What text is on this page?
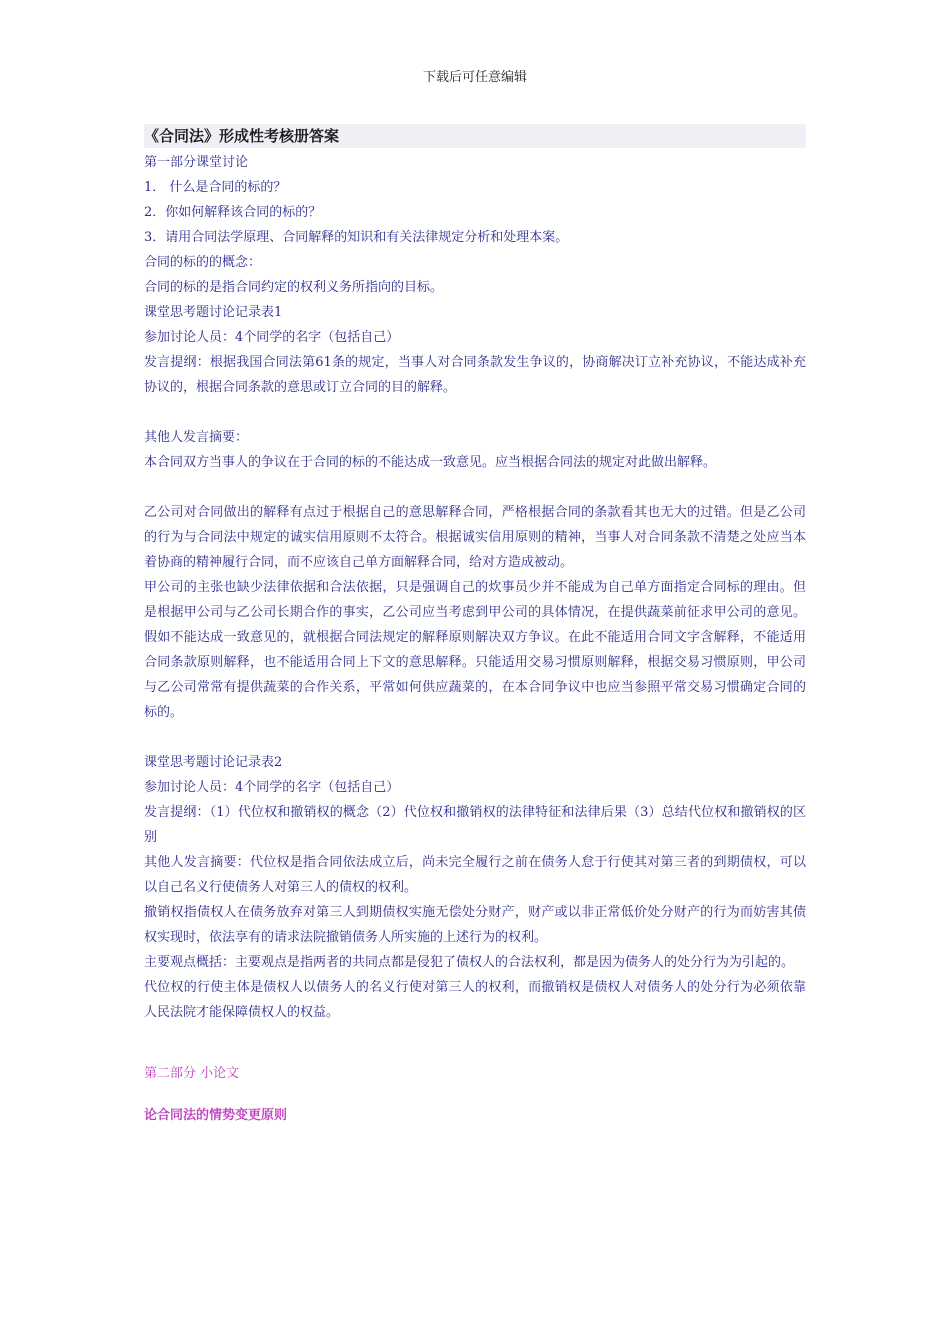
下载后可任意编辑
《合同法》形成性考核册答案

第一部分课堂讨论

1． 什么是合同的标的？

2．你如何解释该合同的标的？

3．请用合同法学原理、合同解释的知识和有关法律规定分析和处理本案。

合同的标的的概念：

合同的标的是指合同约定的权利义务所指向的目标。

课堂思考题讨论记录表1

参加讨论人员：4个同学的名字（包括自己）

发言提纲：根据我国合同法第61条的规定，当事人对合同条款发生争议的，协商解决订立补充协议，不能达成补充协议的，根据合同条款的意思或订立合同的目的解释。

其他人发言摘要：

本合同双方当事人的争议在于合同的标的不能达成一致意见。应当根据合同法的规定对此做出解释。

乙公司对合同做出的解释有点过于根据自己的意思解释合同，严格根据合同的条款看其也无大的过错。但是乙公司的行为与合同法中规定的诚实信用原则不太符合。根据诚实信用原则的精神，当事人对合同条款不清楚之处应当本着协商的精神履行合同，而不应该自己单方面解释合同，给对方造成被动。

甲公司的主张也缺少法律依据和合法依据，只是强调自己的炊事员少并不能成为自己单方面指定合同标的理由。但是根据甲公司与乙公司长期合作的事实，乙公司应当考虑到甲公司的具体情况，在提供蔬菜前征求甲公司的意见。假如不能达成一致意见的，就根据合同法规定的解释原则解决双方争议。在此不能适用合同文字含解释，不能适用合同条款原则解释，也不能适用合同上下文的意思解释。只能适用交易习惯原则解释，根据交易习惯原则，甲公司与乙公司常常有提供蔬菜的合作关系，平常如何供应蔬菜的，在本合同争议中也应当参照平常交易习惯确定合同的标的。

课堂思考题讨论记录表2

参加讨论人员：4个同学的名字（包括自己）

发言提纲：（1）代位权和撤销权的概念（2）代位权和撤销权的法律特征和法律后果（3）总结代位权和撤销权的区别

其他人发言摘要：代位权是指合同依法成立后，尚未完全履行之前在债务人怠于行使其对第三者的到期债权，可以以自己名义行使债务人对第三人的债权的权利。

撤销权指债权人在债务放弃对第三人到期债权实施无偿处分财产，财产或以非正常低价处分财产的行为而妨害其债权实现时，依法享有的请求法院撤销债务人所实施的上述行为的权利。

主要观点概括：主要观点是指两者的共同点都是侵犯了债权人的合法权利，都是因为债务人的处分行为为引起的。

代位权的行使主体是债权人以债务人的名义行使对第三人的权利，而撤销权是债权人对债务人的处分行为必须依靠人民法院才能保障债权人的权益。

第二部分 小论文

论合同法的情势变更原则
